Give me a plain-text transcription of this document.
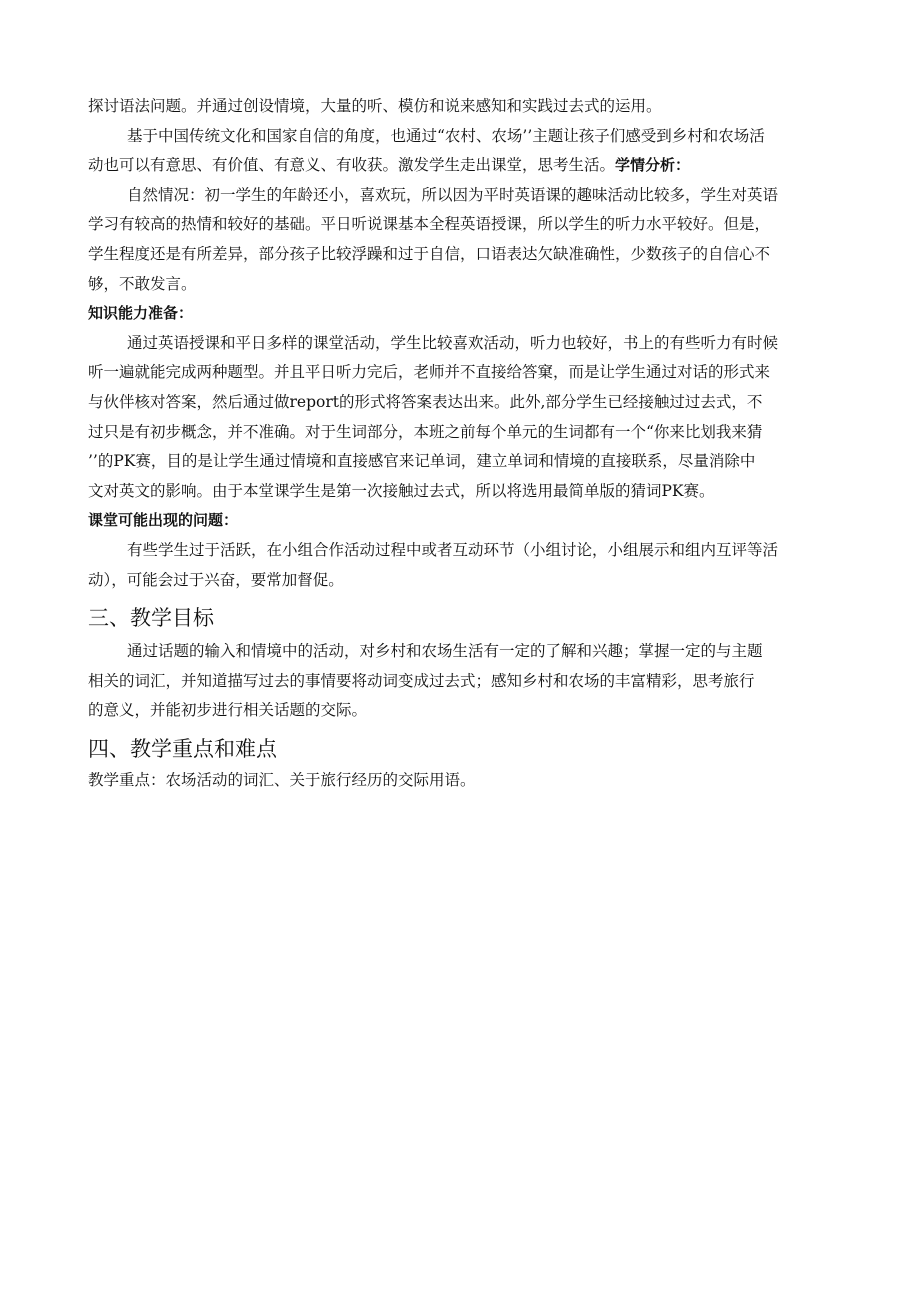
探讨语法问题。并通过创设情境，大量的听、模仿和说来感知和实践过去式的运用。
基于中国传统文化和国家自信的角度，也通过“农村、农场’’主题让孩子们感受到乡村和农场活
动也可以有意思、有价值、有意义、有收获。激发学生走出课堂，思考生活。学情分析：
自然情况：初一学生的年龄还小，喜欢玩，所以因为平时英语课的趣味活动比较多，学生对英语
学习有较高的热情和较好的基础。平日听说课基本全程英语授课，所以学生的听力水平较好。但是，
学生程度还是有所差异，部分孩子比较浮躁和过于自信，口语表达欠缺准确性，少数孩子的自信心不
够，不敢发言。
知识能力准备：
通过英语授课和平日多样的课堂活动，学生比较喜欢活动，听力也较好，书上的有些听力有时候
听一遍就能完成两种题型。并且平日听力完后，老师并不直接给答窠，而是让学生通过对话的形式来
与伙伴核对答案，然后通过做report的形式将答案表达出来。此外,部分学生已经接触过过去式，不
过只是有初步概念，并不准确。对于生词部分，本班之前每个单元的生词都有一个“你来比划我来猜
’’的PK赛，目的是让学生通过情境和直接感官来记单词，建立单词和情境的直接联系，尽量消除中
文对英文的影响。由于本堂课学生是第一次接触过去式，所以将选用最简单版的猜词PK赛。
课堂可能出现的问题：
有些学生过于活跃，在小组合作活动过程中或者互动环节（小组讨论，小组展示和组内互评等活
动），可能会过于兴奋，要常加督促。
三、教学目标
通过话题的输入和情境中的活动，对乡村和农场生活有一定的了解和兴趣；掌握一定的与主题
相关的词汇，并知道描写过去的事情要将动词变成过去式；感知乡村和农场的丰富精彩，思考旅行
的意义，并能初步进行相关话题的交际。
四、教学重点和难点
教学重点：农场活动的词汇、关于旅行经历的交际用语。
